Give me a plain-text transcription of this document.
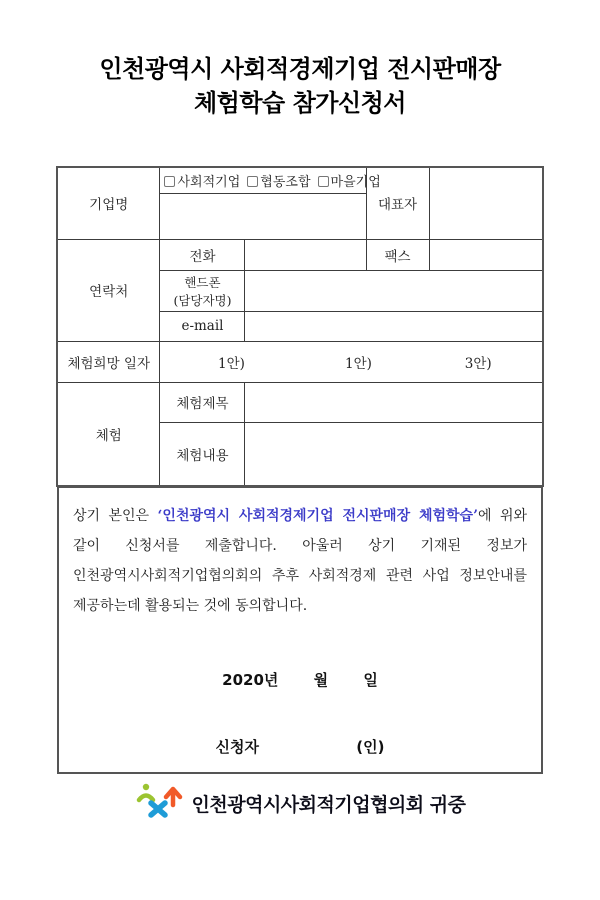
인천광역시 사회적경제기업 전시판매장
체험학습 참가신청서
기업명	사회적기업 협동조합 마을기업		대표자	

연락처	전화		팩스	

	핸드폰
(담당자명)			

	e-mail			
체험희망 일자	1안) 1안) 3안)			

체험	체험제목			
	체험내용			

상기 본인은 ‘인천광역시 사회적경제기업 전시판매장 체험학습’에 위와 같이 신청서를 제출합니다. 아울러 상기 기재된 정보가 인천광역시사회적기업협의회의 추후 사회적경제 관련 사업 정보안내를 제공하는데 활용되는 것에 동의합니다.

2020년 월 일
신청자	(인)
인천광역시사회적기업협의회 귀중
